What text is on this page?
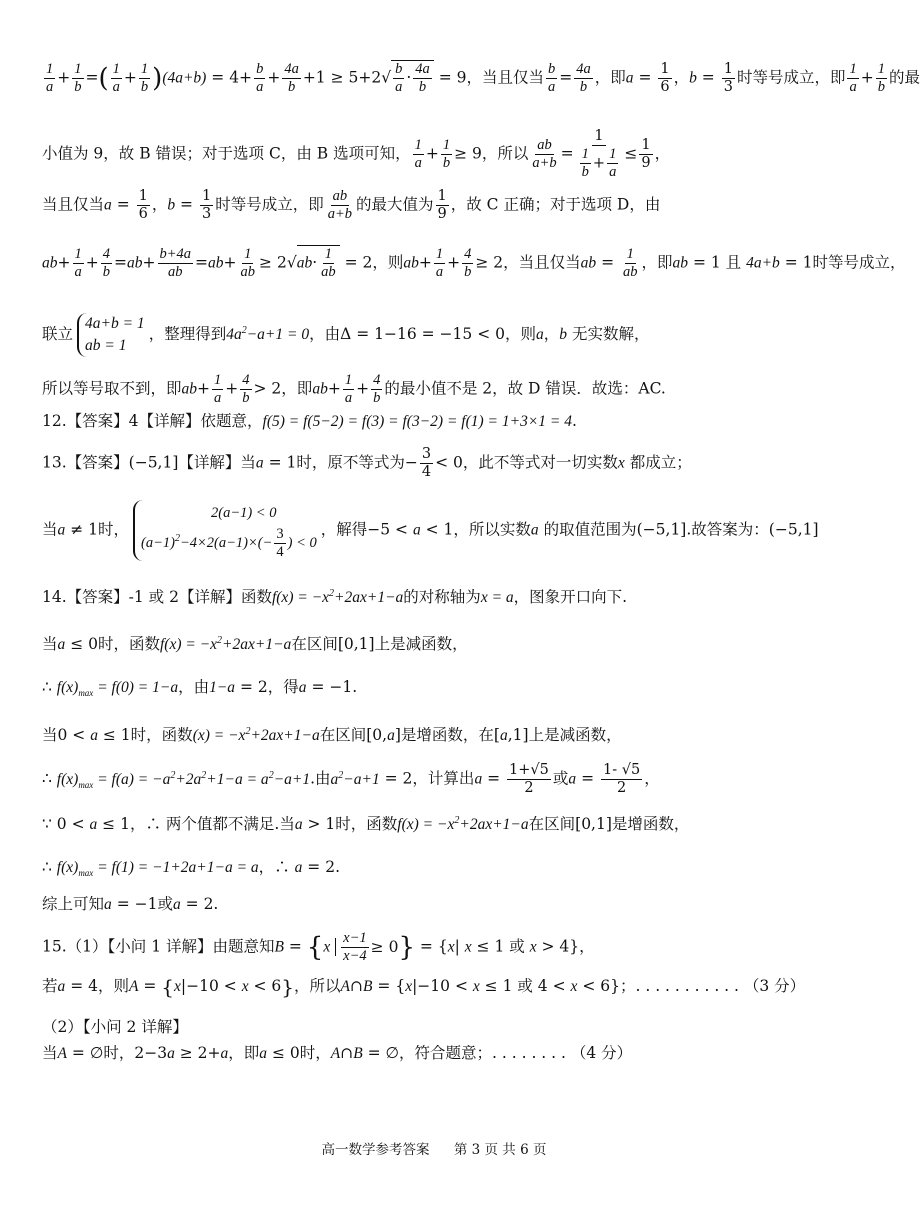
$\frac{1}{a} + \frac{1}{b}$ =( $\frac{1}{a} + \frac{1}{b} )(4a+b) = 4+ \frac{b}{a} + \frac{4a}{b} +1 \ge 5+2√ \frac{b}{a} \cdot \frac{4a}{b} = 9$，当且仅当 $\frac{b}{a} = \frac{4a}{b}$ ，即$a = \frac{1}{6}$ ，$b = \frac{1}{3}$ 时等号成立，即 $\frac{1}{a} + \frac{1}{b}$ 的最
小值为 9，故 B 错误；对于选项 C，由 B 选项可知， $\frac{1}{a} + \frac{1}{b} \ge 9$，所以 $\frac{ab}{a+b} = \frac{1}{\frac{1}{b} + \frac{1}{a}} \le \frac{1}{9}$ ，
当且仅当$a = \frac{1}{6}$ ，$b = \frac{1}{3}$ 时等号成立，即 $\frac{ab}{a+b}$ 的最大值为 $\frac{1}{9}$ ，故 C 正确；对于选项 D，由
$ab+ \frac{1}{a} + \frac{4}{b} =ab+ \frac{b+4a}{ab} =ab+ \frac{1}{ab} \ge 2√ab\cdot \frac{1}{ab} = 2$，则$ab+ \frac{1}{a} + \frac{4}{b} \ge 2$，当且仅当ab = $\frac{1}{ab}$ ，即ab = 1 且 4a+b = 1时等号成立，
联立
4a+b = 1
ab = 1
，整理得到$4a^2-a+1 = 0$，由Δ = 1−16 = −15 < 0，则a，b 无实数解，
所以等号取不到，即$ab+ \frac{1}{a} + \frac{4}{b} > 2$，即$ab+ \frac{1}{a} + \frac{4}{b}$ 的最小值不是 2，故 D 错误．故选：AC.
12.【答案】4【详解】依题意，f(5) = f(5−2) = f(3) = f(3−2) = f(1) = 1+3×1 = 4.
13.【答案】(−5,1]【详解】当a = 1时，原不等式为− $\frac{3}{4} < 0$，此不等式对一切实数x 都成立；
当a ≠ 1时，
2(a−1) < 0
$(a-1)^2-4\times 2(a-1)\times(- \frac{3}{4}$ ) < 0
，解得−5 < a < 1，所以实数a 的取值范围为(−5,1].故答案为：(−5,1]
14.【答案】-1 或 2【详解】函数$f(x) = -x^2+2ax+1-a$的对称轴为x = a，图象开口向下.
当a ≤ 0时，函数$f(x) = -x^2+2ax+1-a$在区间[0,1]上是减函数，
∴ $f(x)_{max} = f(0) = 1-a$，由1−a = 2，得a = −1.
当0 < a ≤ 1时，函数$(x) = -x^2+2ax+1-a$在区间[0,a]是增函数，在[a,1]上是减函数，
∴ $f(x)_{max} = f(a) = -a^2+2a^2+1-a = a^2-a+1$.由$a^2-a+1 = 2$，计算出$a = \frac{1+√5}{2}$ 或$a = \frac{1- √5}{2}$ ，
∵ 0 < a ≤ 1，∴ 两个值都不满足.当a > 1时，函数$f(x) = -x^2+2ax+1-a$在区间[0,1]是增函数，
∴ $f(x)_{max} = f(1) = -1+2a+1-a = a$，∴ a = 2.
综上可知a = −1或a = 2.
15.（1）【小问 1 详解】由题意知$B = \{x \frac{x-1}{x-4} \ge 0\} = \{x|$ x ≤ 1 或 x > 4}，
若a = 4，则A = {x|−10 < x < 6}，所以A∩B = {x|−10 < x ≤ 1 或 4 < x < 6}；. . . . . . . . . . . （3 分）
（2）【小问 2 详解】
当A = ∅时，2−3a ≥ 2+a，即a ≤ 0时，A∩B = ∅，符合题意；. . . . . . . . （4 分）
高一数学参考答案 第 3 页 共 6 页
